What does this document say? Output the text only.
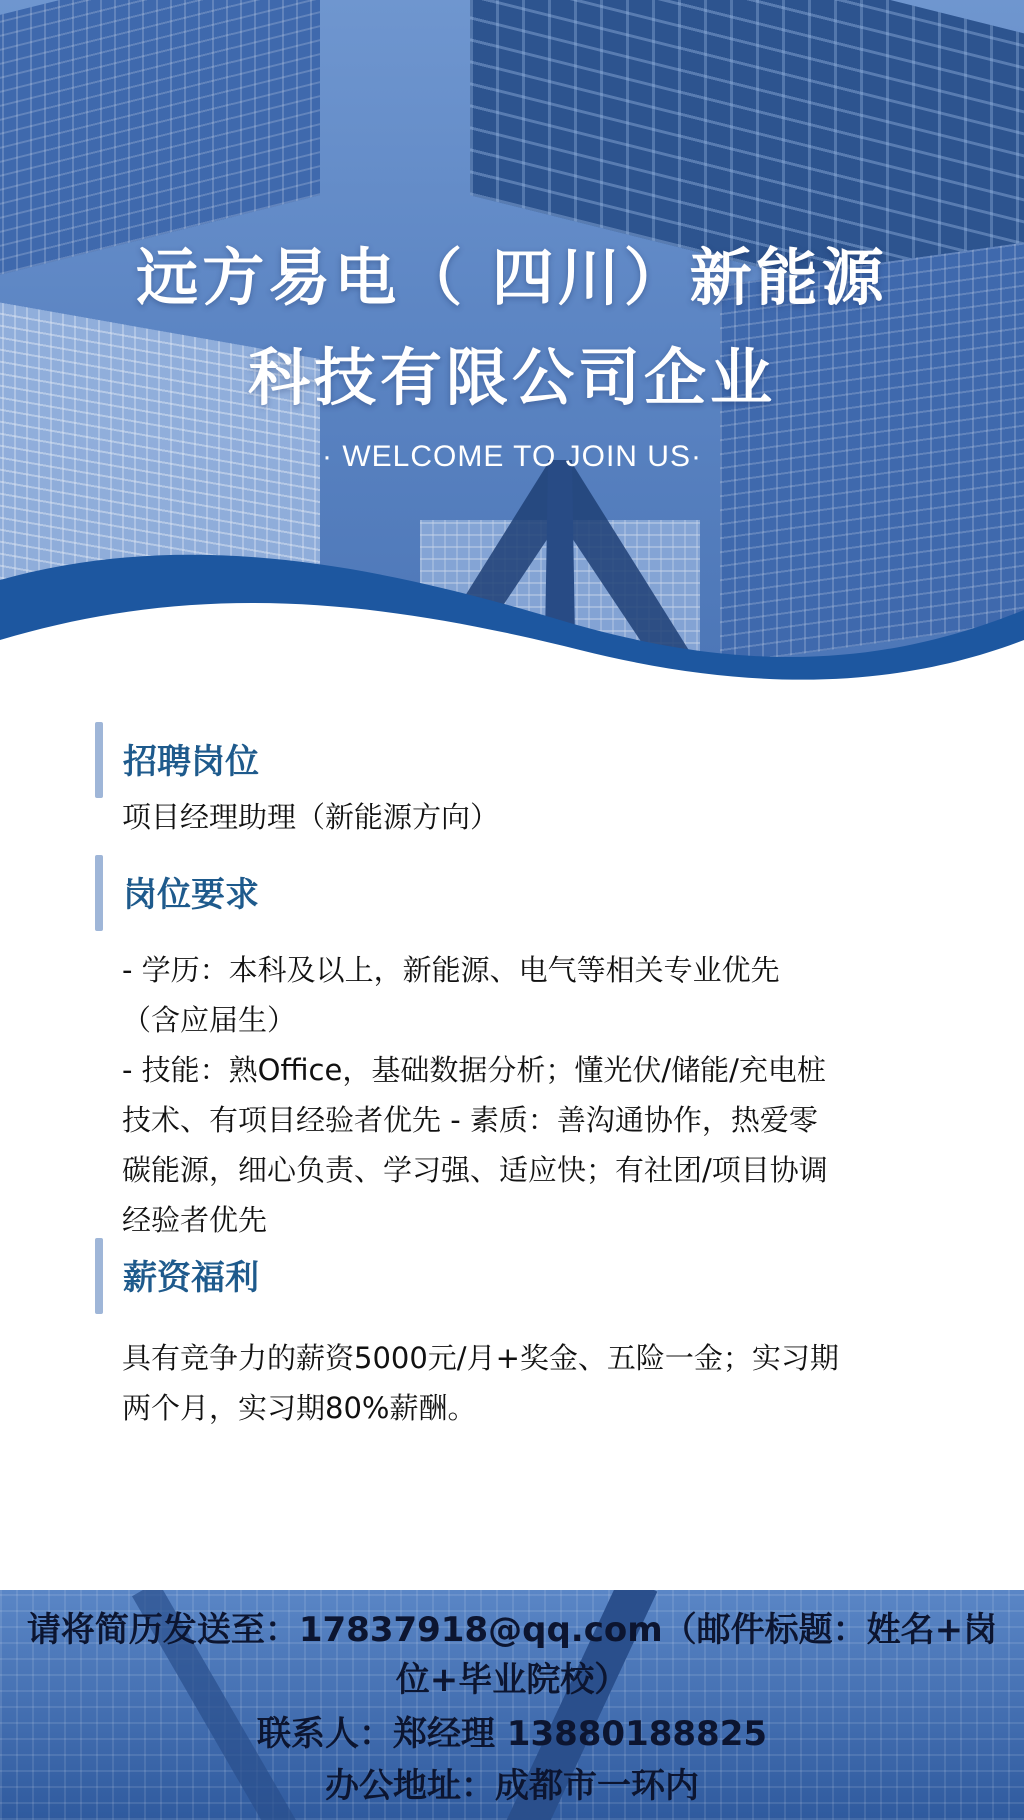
远方易电（ 四川）新能源
科技有限公司企业
· WELCOME TO JOIN US·
招聘岗位
项目经理助理（新能源方向）
岗位要求
- 学历：本科及以上，新能源、电气等相关专业优先
（含应届生）
- 技能：熟Office，基础数据分析；懂光伏/储能/充电桩
技术、有项目经验者优先 - 素质：善沟通协作，热爱零
碳能源，细心负责、学习强、适应快；有社团/项目协调
经验者优先
薪资福利
具有竞争力的薪资5000元/月+奖金、五险一金；实习期
两个月，实习期80%薪酬。
请将简历发送至：17837918@qq.com（邮件标题：姓名+岗
位+毕业院校）
联系人：郑经理 13880188825
办公地址：成都市一环内
